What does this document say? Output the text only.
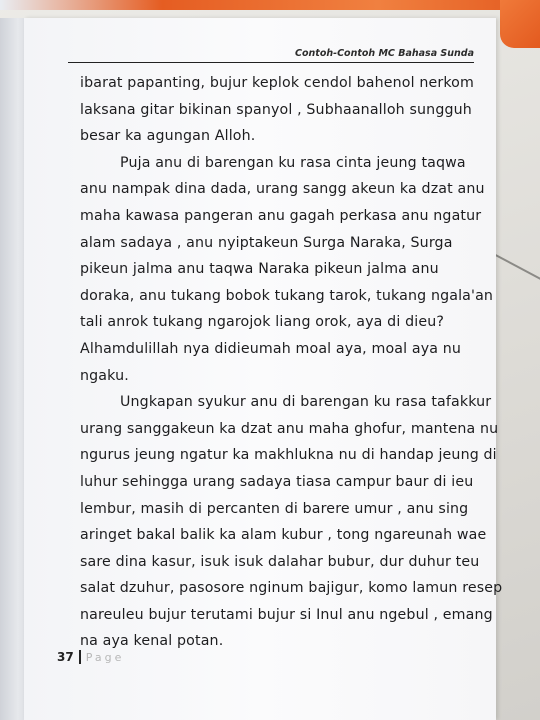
Contoh-Contoh MC Bahasa Sunda
ibarat papanting, bujur keplok cendol bahenol nerkom
laksana gitar bikinan spanyol , Subhaanalloh sungguh
besar ka agungan Alloh.
Puja anu di barengan ku rasa cinta jeung taqwa
anu nampak dina dada, urang sangg akeun ka dzat anu
maha kawasa pangeran anu gagah perkasa anu ngatur
alam sadaya , anu nyiptakeun Surga Naraka, Surga
pikeun jalma anu taqwa Naraka pikeun jalma anu
doraka, anu tukang bobok tukang tarok, tukang ngala'an
tali anrok tukang ngarojok liang orok, aya di dieu?
Alhamdulillah nya didieumah moal aya, moal aya nu
ngaku.
Ungkapan syukur anu di barengan ku rasa tafakkur
urang sanggakeun ka dzat anu maha ghofur, mantena nu
ngurus jeung ngatur ka makhlukna nu di handap jeung di
luhur sehingga urang sadaya tiasa campur baur di ieu
lembur, masih di percanten di barere umur , anu sing
aringet bakal balik ka alam kubur , tong ngareunah wae
sare dina kasur, isuk isuk dalahar bubur, dur duhur teu
salat dzuhur, pasosore nginum bajigur, komo lamun resep
nareuleu bujur terutami bujur si Inul anu ngebul , emang
na aya kenal potan.
37 Page
